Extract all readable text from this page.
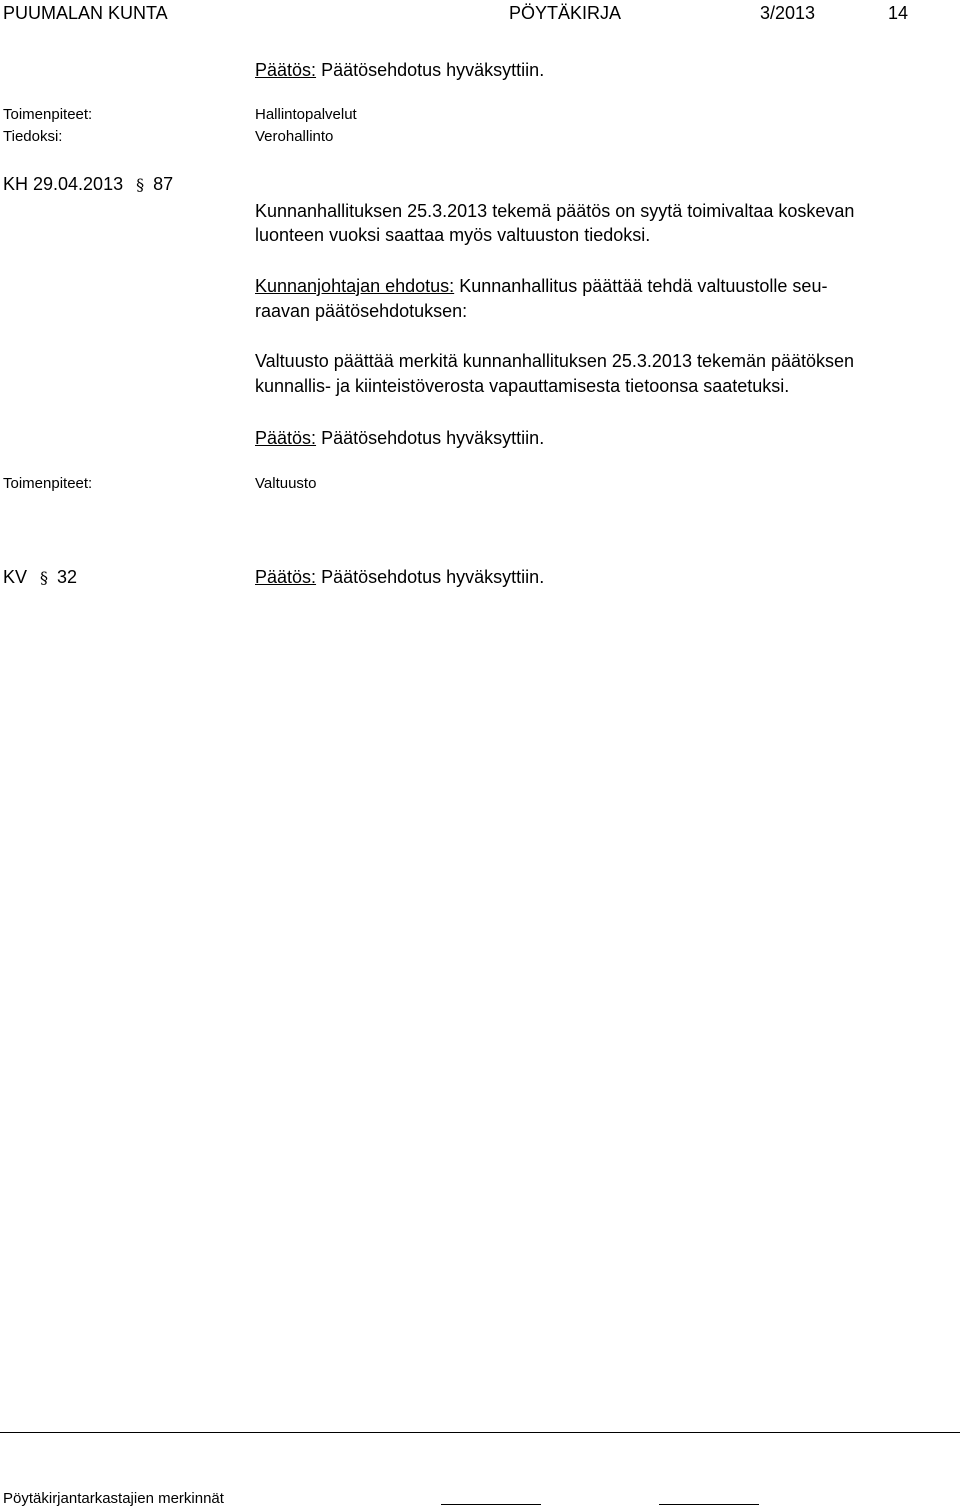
PUUMALAN KUNTA	PÖYTÄKIRJA	3/2013	14
Päätös: Päätösehdotus hyväksyttiin.
Toimenpiteet:	Hallintopalvelut
Tiedoksi:	Verohallinto
KH 29.04.2013 § 87
Kunnanhallituksen 25.3.2013 tekemä päätös on syytä toimivaltaa koskevan
luonteen vuoksi saattaa myös valtuuston tiedoksi.
Kunnanjohtajan ehdotus: Kunnanhallitus päättää tehdä valtuustolle seu-
raavan päätösehdotuksen:
Valtuusto päättää merkitä kunnanhallituksen 25.3.2013 tekemän päätöksen
kunnallis- ja kiinteistöverosta vapauttamisesta tietoonsa saatetuksi.
Päätös: Päätösehdotus hyväksyttiin.
Toimenpiteet:	Valtuusto
KV § 32	Päätös: Päätösehdotus hyväksyttiin.
Pöytäkirjantarkastajien merkinnät
